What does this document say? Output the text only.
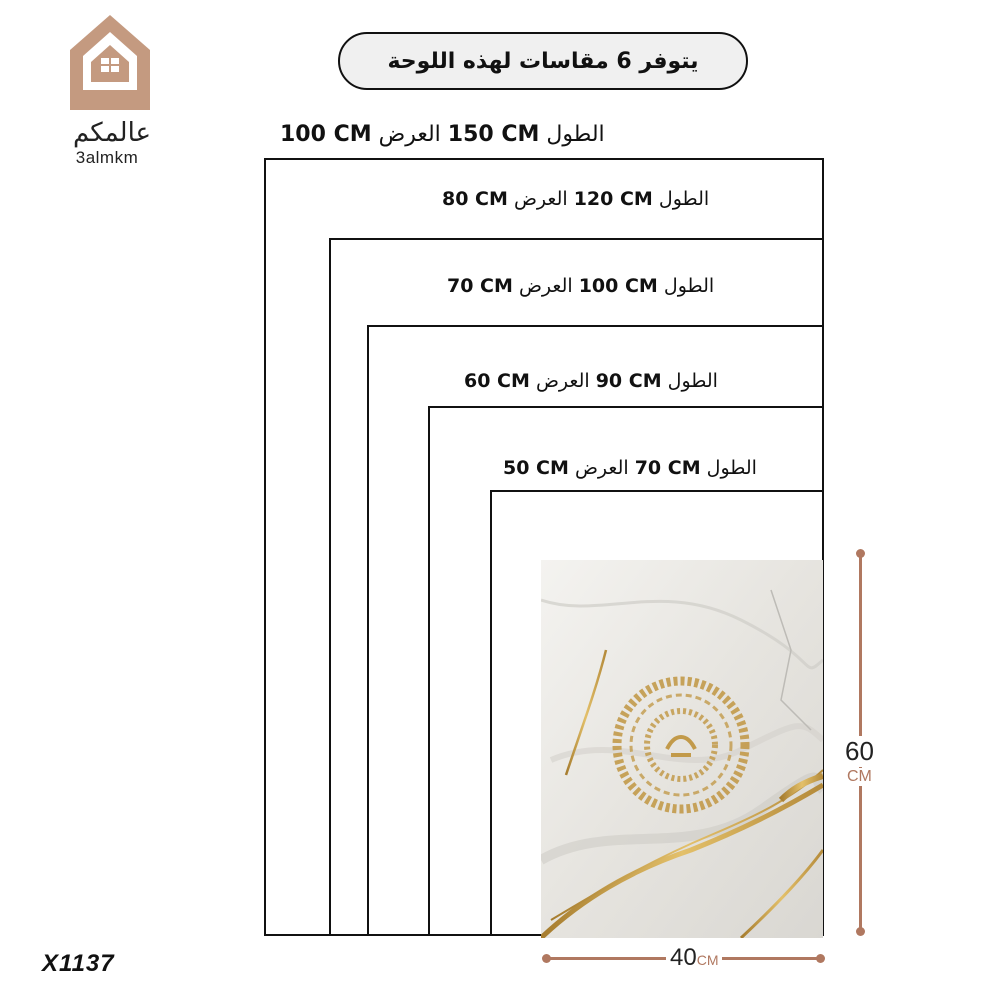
عالمكم
3almkm
يتوفر 6 مقاسات لهذه اللوحة
الطول 150 CM العرض 100 CM
الطول 120 CM العرض 80 CM
الطول 100 CM العرض 70 CM
الطول 90 CM العرض 60 CM
الطول 70 CM العرض 50 CM
60
CM
40CM
X1137
